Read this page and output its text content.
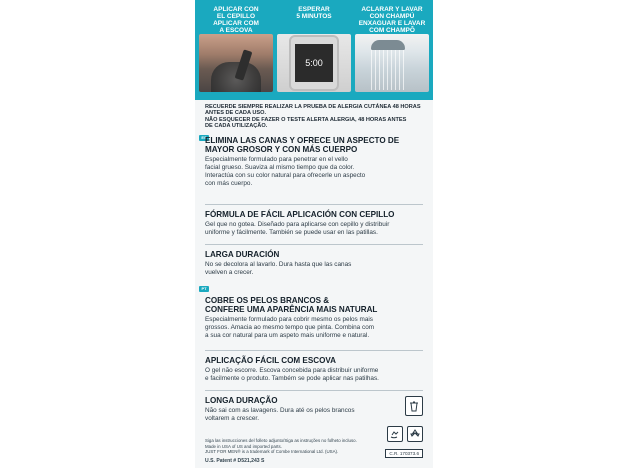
APLICAR CON
EL CEPILLO
APLICAR COM
A ESCOVA
ESPERAR
5 MINUTOS
5:00
ACLARAR Y LAVAR
CON CHAMPÚ
ENXAGUAR E LAVAR
COM CHAMPÔ
RECUERDE SIEMPRE REALIZAR LA PRUEBA DE ALERGIA CUTÁNEA 48 HORAS
ANTES DE CADA USO.
NÃO ESQUECER DE FAZER O TESTE ALERTA ALERGIA, 48 HORAS ANTES
DE CADA UTILIZAÇÃO.
ES
ELIMINA LAS CANAS Y OFRECE UN ASPECTO DE
MAYOR GROSOR Y CON MÁS CUERPO
Especialmente formulado para penetrar en el vello
facial grueso. Suaviza al mismo tiempo que da color.
Interactúa con su color natural para ofrecerle un aspecto
con más cuerpo.
FÓRMULA DE FÁCIL APLICACIÓN CON CEPILLO
Gel que no gotea. Diseñado para aplicarse con cepillo y distribuir
uniforme y fácilmente. También se puede usar en las patillas.
LARGA DURACIÓN
No se decolora al lavarlo. Dura hasta que las canas
vuelven a crecer.
PT
COBRE OS PELOS BRANCOS &
CONFERE UMA APARÊNCIA MAIS NATURAL
Especialmente formulado para cobrir mesmo os pelos mais
grossos. Amacia ao mesmo tempo que pinta. Combina com
a sua cor natural para um aspeto mais uniforme e natural.
APLICAÇÃO FÁCIL COM ESCOVA
O gel não escorre. Escova concebida para distribuir uniforme
e facilmente o produto. Também se pode aplicar nas patilhas.
LONGA DURAÇÃO
Não sai com as lavagens. Dura até os pelos brancos
voltarem a crescer.
Siga las instrucciones del folleto adjunto/Siga as instruções no folheto incluso.
Made in USA of US and imported parts.
JUST FOR MEN® is a trademark of Combe International Ltd. (USA).
U.S. Patent # D521,243 S
C.R. 170373.6
